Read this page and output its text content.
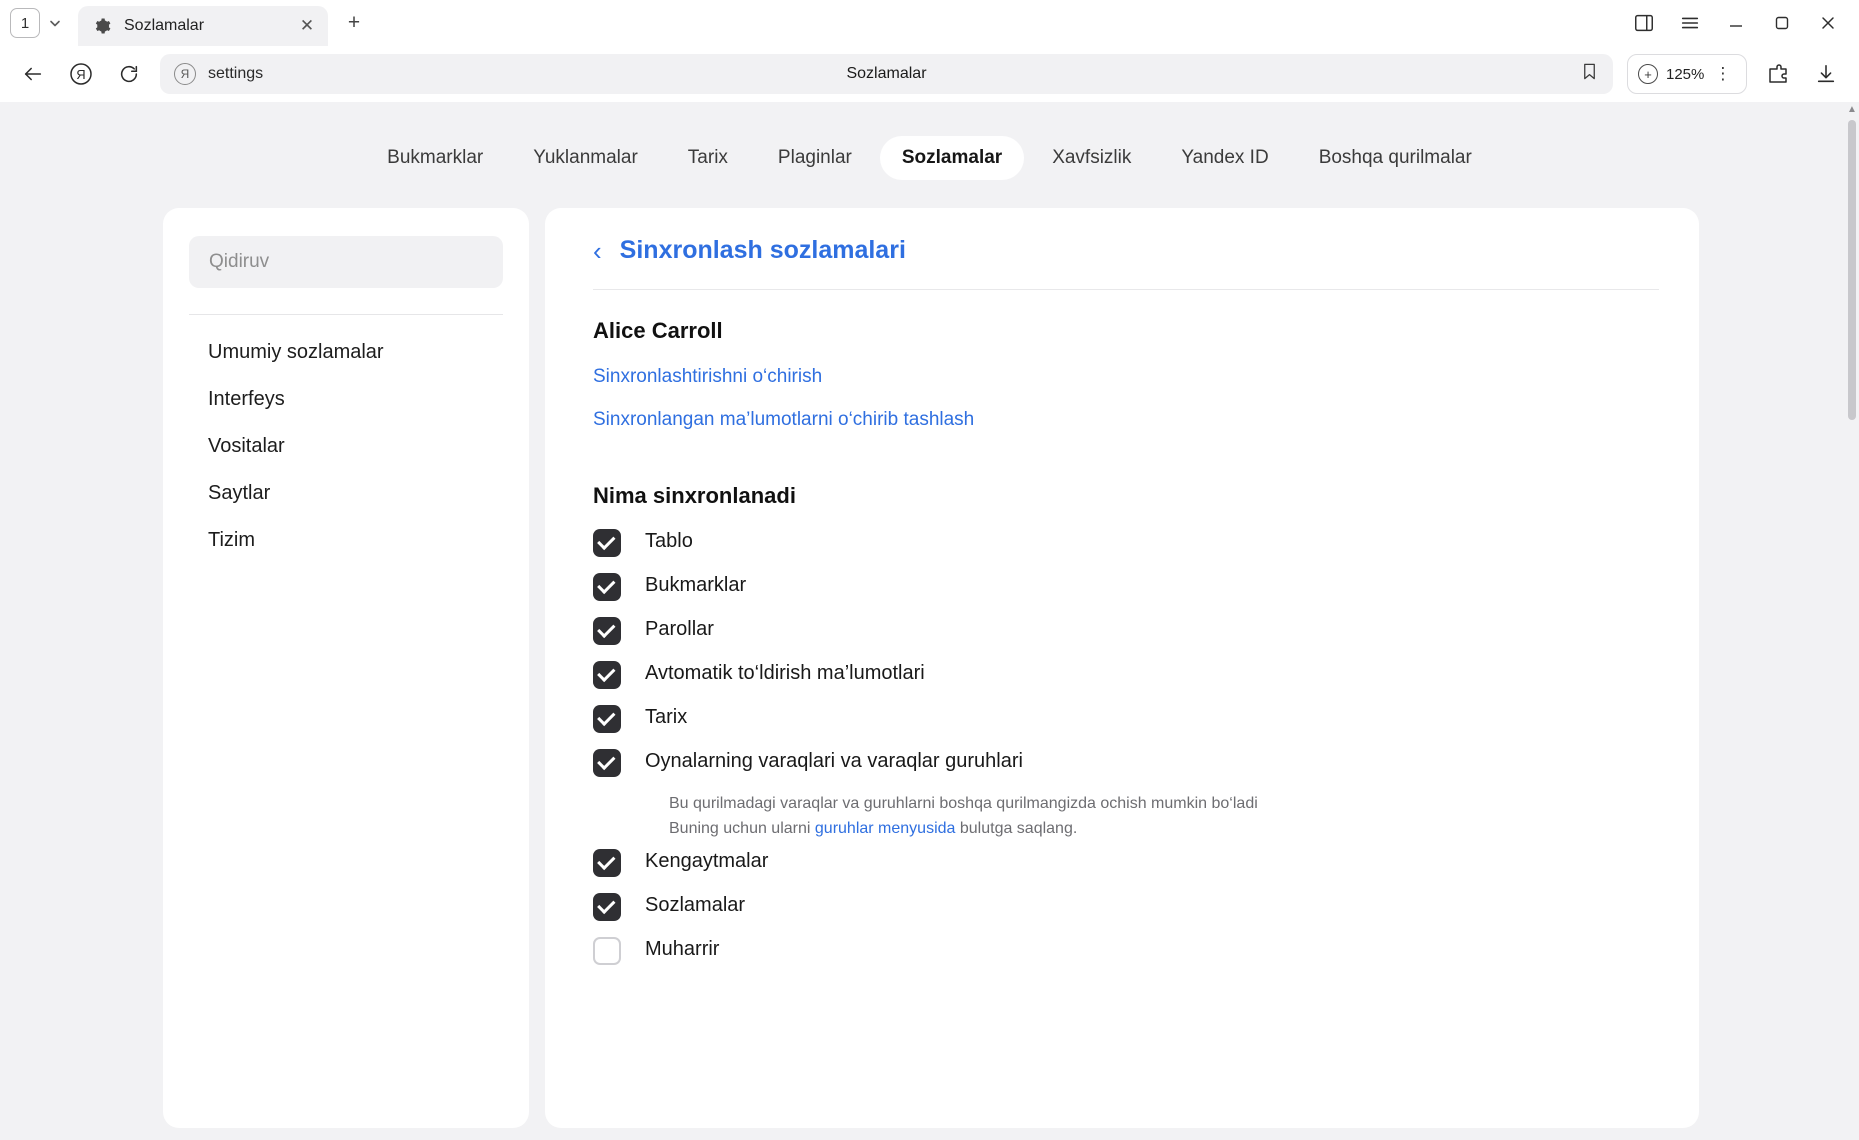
1	Sozlamalar	✕	+
Я	Я	settings	Sozlamalar	+ 125% ⋮
Bukmarklar	Yuklanmalar	Tarix	Plaginlar	Sozlamalar	Xavfsizlik	Yandex ID	Boshqa qurilmalar
Qidiruv
Umumiy sozlamalar
Interfeys
Vositalar
Saytlar
Tizim
‹ Sinxronlash sozlamalari
Alice Carroll
Sinxronlashtirishni o‘chirish
Sinxronlangan ma’lumotlarni o‘chirib tashlash
Nima sinxronlanadi
Tablo
Bukmarklar
Parollar
Avtomatik to‘ldirish ma’lumotlari
Tarix
Oynalarning varaqlari va varaqlar guruhlari
Bu qurilmadagi varaqlar va guruhlarni boshqa qurilmangizda ochish mumkin bo‘ladi
Buning uchun ularni guruhlar menyusida bulutga saqlang.
Kengaytmalar
Sozlamalar
Muharrir
▲
